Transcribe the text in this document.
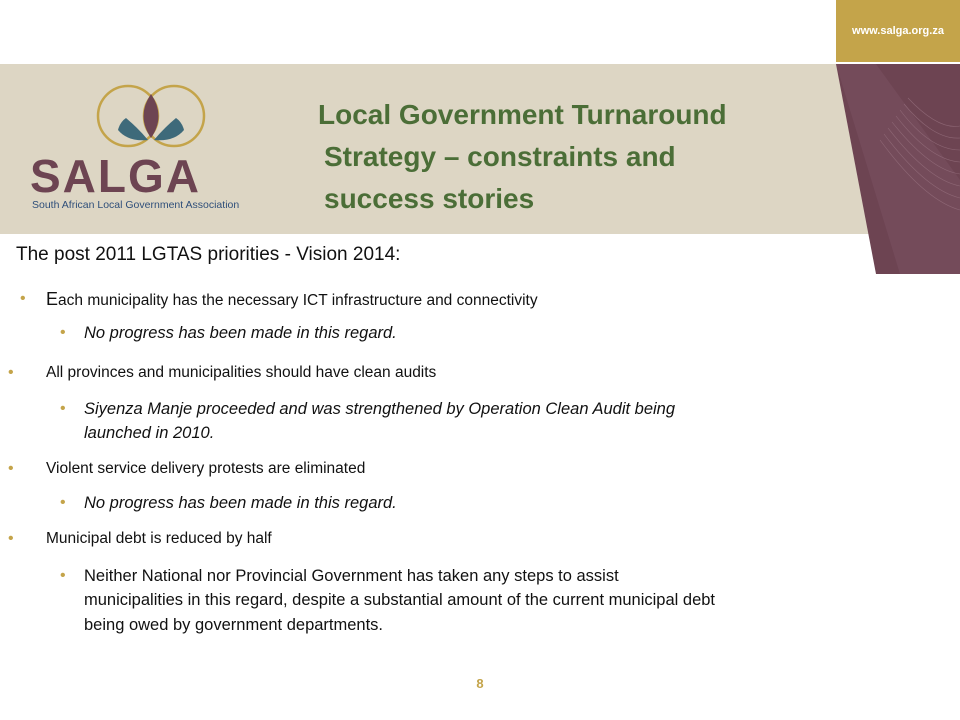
www.salga.org.za
SALGA
South African Local Government Association
Local Government Turnaround
Strategy – constraints and
success stories
The post 2011 LGTAS priorities - Vision 2014:
• Each municipality has the necessary ICT infrastructure and connectivity
• No progress has been made in this regard.
• All provinces and municipalities should have clean audits
• Siyenza Manje proceeded and was strengthened by Operation Clean Audit being
launched in 2010.
• Violent service delivery protests are eliminated
• No progress has been made in this regard.
• Municipal debt is reduced by half
• Neither National nor Provincial Government has taken any steps to assist
municipalities in this regard, despite a substantial amount of the current municipal debt
being owed by government departments.
8
